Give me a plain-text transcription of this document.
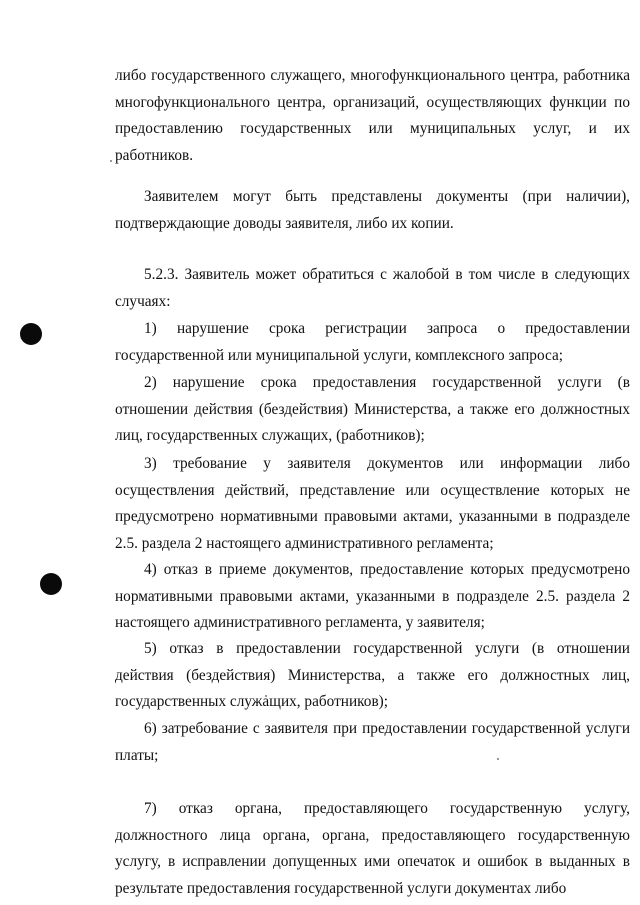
либо государственного служащего, многофункционального центра, работника многофункционального центра, организаций, осуществляющих функции по предоставлению государственных или муниципальных услуг, и их работников.

Заявителем могут быть представлены документы (при наличии), подтверждающие доводы заявителя, либо их копии.

5.2.3. Заявитель может обратиться с жалобой в том числе в следующих случаях:

1) нарушение срока регистрации запроса о предоставлении государственной или муниципальной услуги, комплексного запроса;

2) нарушение срока предоставления государственной услуги (в отношении действия (бездействия) Министерства, а также его должностных лиц, государственных служащих, (работников);

3) требование у заявителя документов или информации либо осуществления действий, представление или осуществление которых не предусмотрено нормативными правовыми актами, указанными в подразделе 2.5. раздела 2 настоящего административного регламента;

4) отказ в приеме документов, предоставление которых предусмотрено нормативными правовыми актами, указанными в подразделе 2.5. раздела 2 настоящего административного регламента, у заявителя;

5) отказ в предоставлении государственной услуги (в отношении действия (бездействия) Министерства, а также его должностных лиц, государственных служащих, работников);

6) затребование с заявителя при предоставлении государственной услуги платы;

7) отказ органа, предоставляющего государственную услугу, должностного лица органа, органа, предоставляющего государственную услугу, в исправлении допущенных ими опечаток и ошибок в выданных в результате предоставления государственной услуги документах либо
